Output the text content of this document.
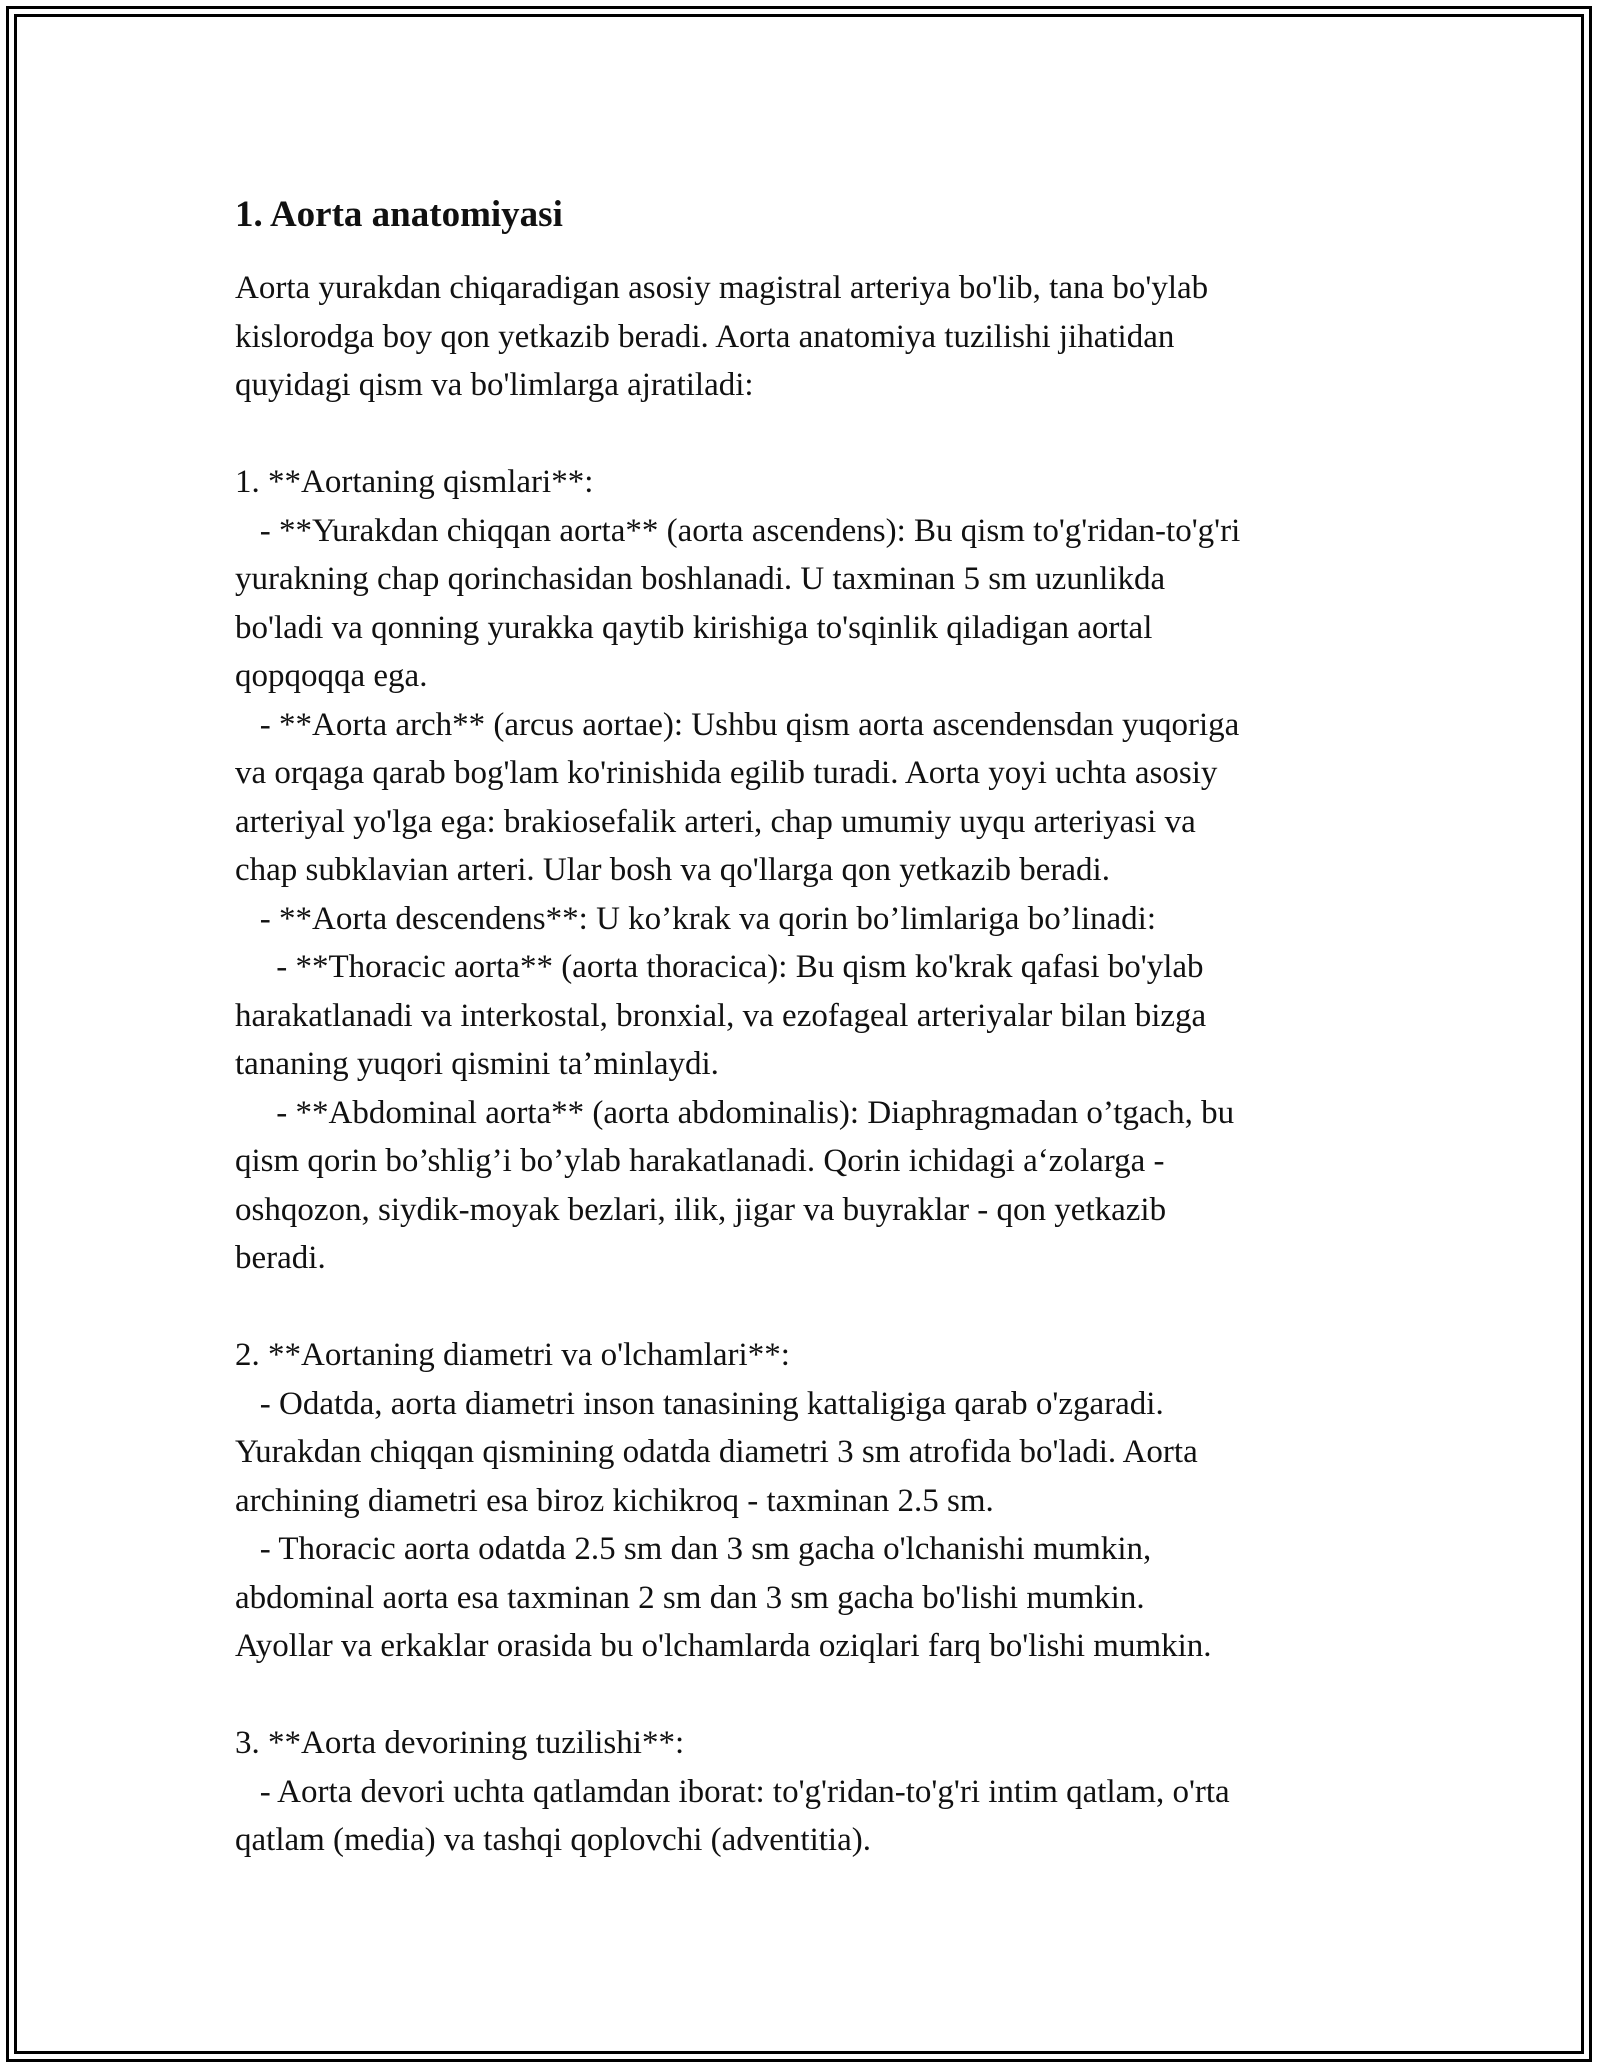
1. Aorta anatomiyasi

Aorta yurakdan chiqaradigan asosiy magistral arteriya bo'lib, tana bo'ylab

kislorodga boy qon yetkazib beradi. Aorta anatomiya tuzilishi jihatidan

quyidagi qism va bo'limlarga ajratiladi:

1. **Aortaning qismlari**:

- **Yurakdan chiqqan aorta** (aorta ascendens): Bu qism to'g'ridan-to'g'ri

yurakning chap qorinchasidan boshlanadi. U taxminan 5 sm uzunlikda

bo'ladi va qonning yurakka qaytib kirishiga to'sqinlik qiladigan aortal

qopqoqqa ega.

- **Aorta arch** (arcus aortae): Ushbu qism aorta ascendensdan yuqoriga

va orqaga qarab bog'lam ko'rinishida egilib turadi. Aorta yoyi uchta asosiy

arteriyal yo'lga ega: brakiosefalik arteri, chap umumiy uyqu arteriyasi va

chap subklavian arteri. Ular bosh va qo'llarga qon yetkazib beradi.

- **Aorta descendens**: U ko’krak va qorin bo’limlariga bo’linadi:

- **Thoracic aorta** (aorta thoracica): Bu qism ko'krak qafasi bo'ylab

harakatlanadi va interkostal, bronxial, va ezofageal arteriyalar bilan bizga

tananing yuqori qismini ta’minlaydi.

- **Abdominal aorta** (aorta abdominalis): Diaphragmadan o’tgach, bu

qism qorin bo’shlig’i bo’ylab harakatlanadi. Qorin ichidagi a‘zolarga -

oshqozon, siydik-moyak bezlari, ilik, jigar va buyraklar - qon yetkazib

beradi.

2. **Aortaning diametri va o'lchamlari**:

- Odatda, aorta diametri inson tanasining kattaligiga qarab o'zgaradi.

Yurakdan chiqqan qismining odatda diametri 3 sm atrofida bo'ladi. Aorta

archining diametri esa biroz kichikroq - taxminan 2.5 sm.

- Thoracic aorta odatda 2.5 sm dan 3 sm gacha o'lchanishi mumkin,

abdominal aorta esa taxminan 2 sm dan 3 sm gacha bo'lishi mumkin.

Ayollar va erkaklar orasida bu o'lchamlarda oziqlari farq bo'lishi mumkin.

3. **Aorta devorining tuzilishi**:

- Aorta devori uchta qatlamdan iborat: to'g'ridan-to'g'ri intim qatlam, o'rta

qatlam (media) va tashqi qoplovchi (adventitia).
